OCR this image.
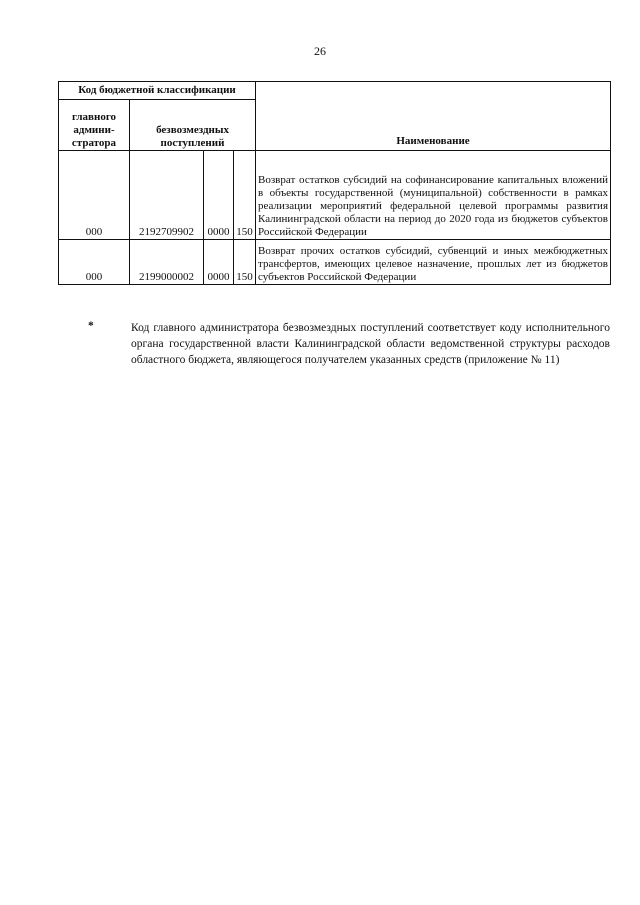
26
Код бюджетной классификации				Наименование
главного админи-стратора	безвозмездных поступлений			
000	2192709902	0000	150	Возврат остатков субсидий на софинансирование капитальных вложений в объекты государственной (муниципальной) собственности в рамках реализации мероприятий федеральной целевой программы развития Калининградской области на период до 2020 года из бюджетов субъектов Российской Федерации
000	2199000002	0000	150	Возврат прочих остатков субсидий, субвенций и иных межбюджетных трансфертов, имеющих целевое назначение, прошлых лет из бюджетов субъектов Российской Федерации
*	Код главного администратора безвозмездных поступлений соответствует коду исполнительного органа государственной власти Калининградской области ведомственной структуры расходов областного бюджета, являющегося получателем указанных средств (приложение № 11)
